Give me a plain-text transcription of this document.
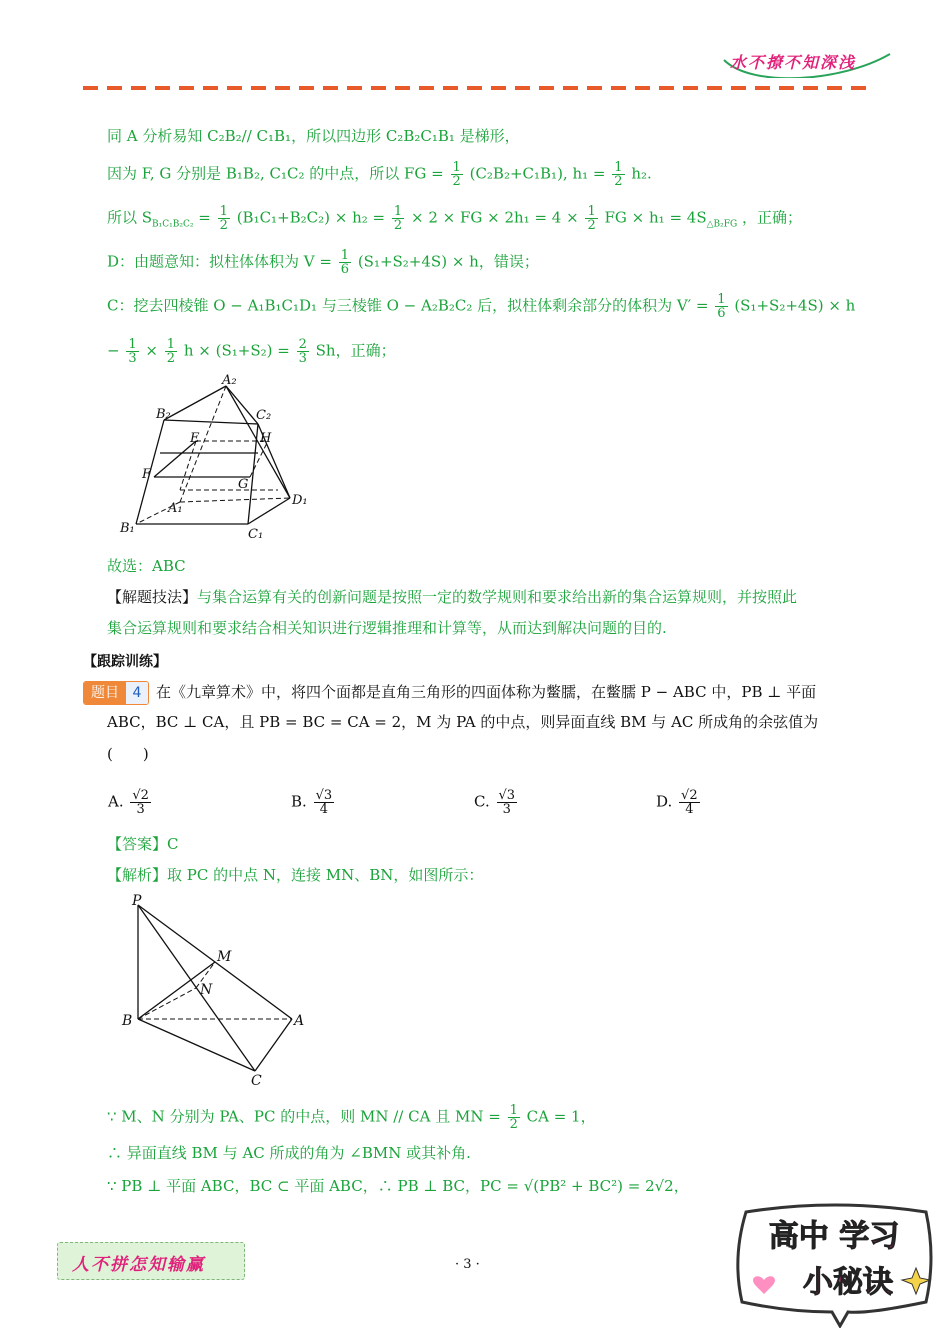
水不撩不知深浅
同 A 分析易知 C₂B₂// C₁B₁，所以四边形 C₂B₂C₁B₁ 是梯形，
因为 F, G 分别是 B₁B₂, C₁C₂ 的中点，所以 FG = $\frac{1}{2} (C_2B_2+C_1B_1)$, $h_1 = \frac{1}{2} h_2$.
所以 $S_{B_1C_1B_2C_2} = \frac{1}{2} (B_1C_1+B_2C_2) \times h_2 = \frac{1}{2} \times 2$ × FG × $2h_1 = 4 \times \frac{1}{2}$ FG × $h_1 = 4S_{\triangle B_2FG}$ ，正确；
D：由题意知：拟柱体体积为 $V = \frac{1}{6} (S_1+S_2+4S) \times h$，错误；
C：挖去四棱锥 O − A₁B₁C₁D₁ 与三棱锥 O − A₂B₂C₂ 后，拟柱体剩余部分的体积为 $V' = \frac{1}{6} (S_1+S_2+4S) \times h$
− $\frac{1}{3} \times \frac{1}{2}$ $h \times (S_1+S_2) = \frac{2}{3}$ Sh，正确；
A₂
B₂	C₂
E	H
F
G
D₁
A₁
B₁	C₁
故选：ABC
【解题技法】与集合运算有关的创新问题是按照一定的数学规则和要求给出新的集合运算规则，并按照此
集合运算规则和要求结合相关知识进行逻辑推理和计算等，从而达到解决问题的目的.
【跟踪训练】
题目 4 在《九章算术》中，将四个面都是直角三角形的四面体称为鳖臑，在鳖臑 P − ABC 中，PB ⊥ 平面
ABC，BC ⊥ CA，且 PB = BC = CA = 2，M 为 PA 的中点，则异面直线 BM 与 AC 所成角的余弦值为
(　　)
A. $\frac{√2}{3}$	B. $\frac{√3}{4}$	C. $\frac{√3}{3}$	D. $\frac{√2}{4}$
【答案】C
【解析】取 PC 的中点 N，连接 MN、BN，如图所示：
P
M
N
B	A
C
∵ M、N 分别为 PA、PC 的中点，则 MN // CA 且 MN = $\frac{1}{2}$ CA = 1，
∴ 异面直线 BM 与 AC 所成的角为 ∠BMN 或其补角.
∵ PB ⊥ 平面 ABC，BC ⊂ 平面 ABC，∴ PB ⊥ BC，PC = √(PB² + BC²) = 2√2，
人不拼怎知输赢	· 3 ·
高中 学习
小秘诀
